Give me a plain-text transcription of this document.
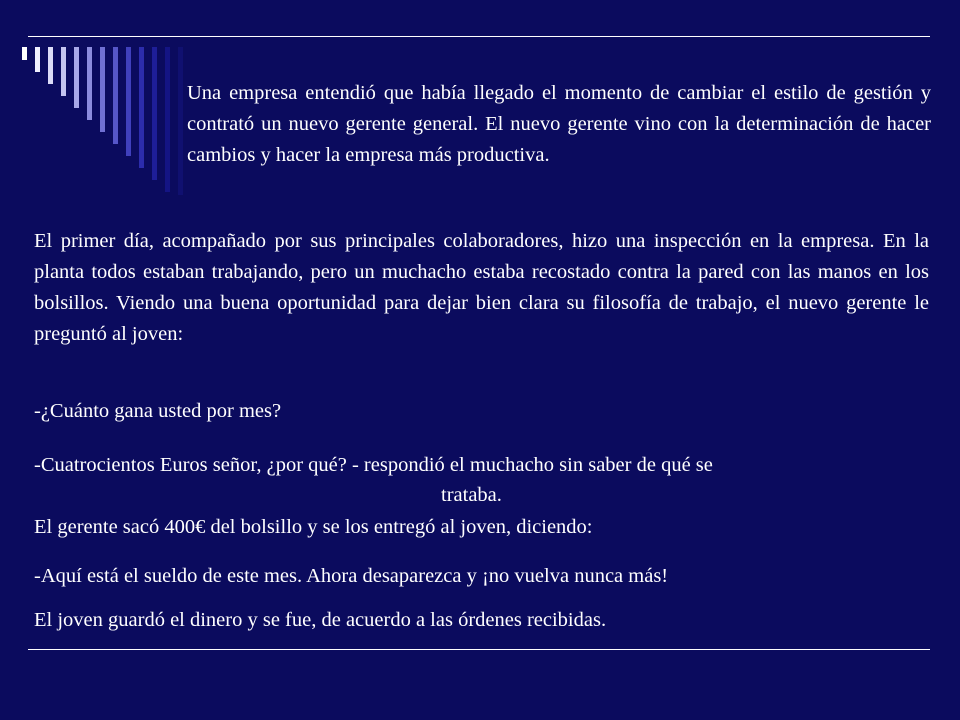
Una empresa entendió que había llegado el momento de cambiar el estilo de gestión y contrató un nuevo gerente general. El nuevo gerente vino con la determinación de hacer cambios y hacer la empresa más productiva.

El primer día, acompañado por sus principales colaboradores, hizo una inspección en la empresa. En la planta todos estaban trabajando, pero un muchacho estaba recostado contra la pared con las manos en los bolsillos. Viendo una buena oportunidad para dejar bien clara su filosofía de trabajo, el nuevo gerente le preguntó al joven:

-¿Cuánto gana usted por mes?

-Cuatrocientos Euros señor, ¿por qué? - respondió el muchacho sin saber de qué se

trataba.

El gerente sacó 400€ del bolsillo y se los entregó al joven, diciendo:

-Aquí está el sueldo de este mes. Ahora desaparezca y ¡no vuelva nunca más!

El joven guardó el dinero y se fue, de acuerdo a las órdenes recibidas.
